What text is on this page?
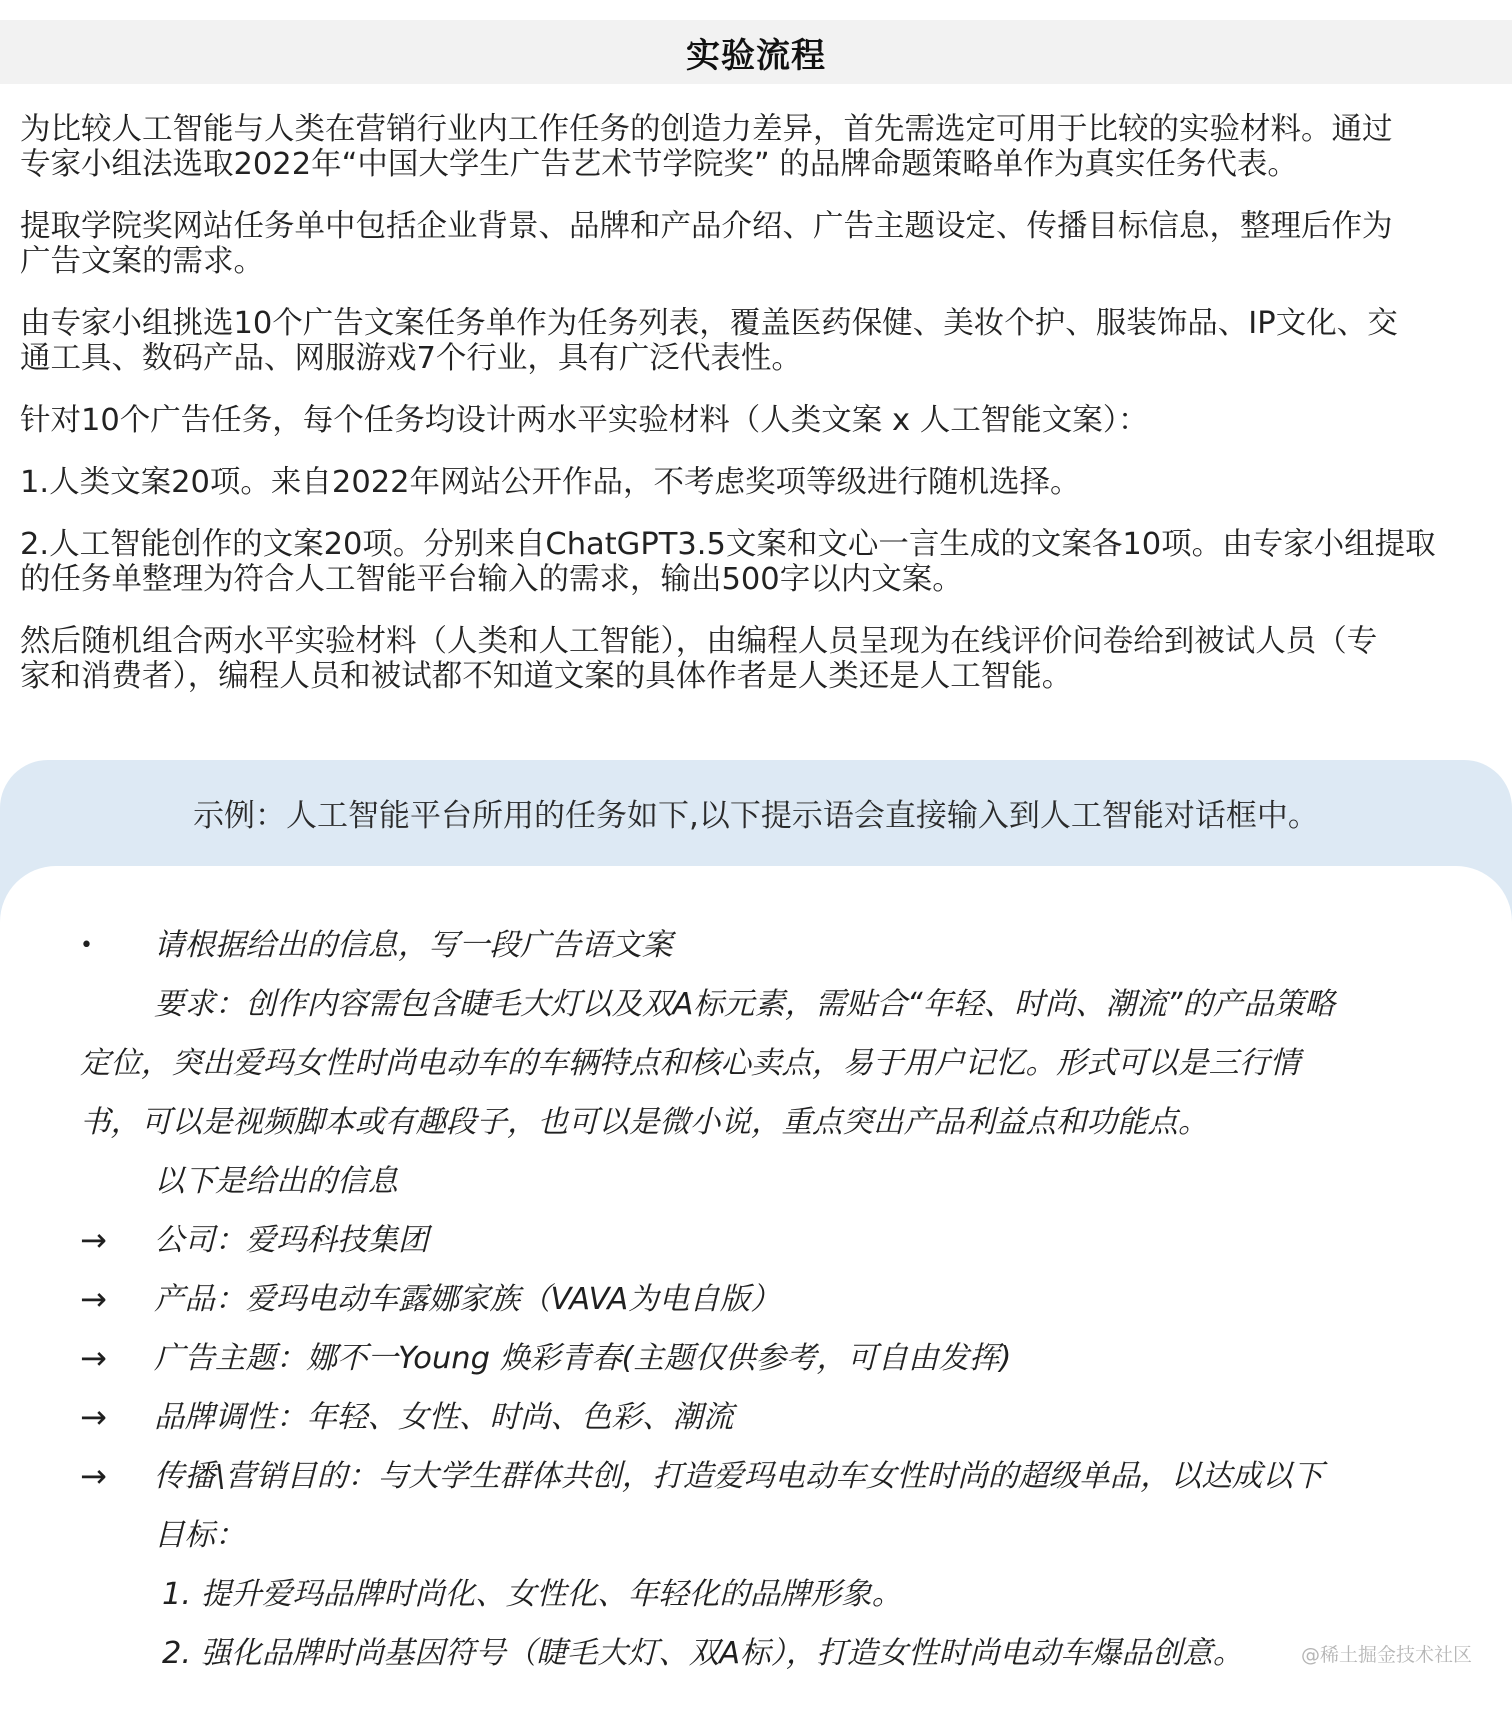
实验流程

为比较人工智能与人类在营销行业内工作任务的创造力差异，首先需选定可用于比较的实验材料。通过
专家小组法选取2022年“中国大学生广告艺术节学院奖” 的品牌命题策略单作为真实任务代表。

提取学院奖网站任务单中包括企业背景、品牌和产品介绍、广告主题设定、传播目标信息，整理后作为
广告文案的需求。

由专家小组挑选10个广告文案任务单作为任务列表，覆盖医药保健、美妆个护、服装饰品、IP文化、交
通工具、数码产品、网服游戏7个行业，具有广泛代表性。

针对10个广告任务，每个任务均设计两水平实验材料（人类文案 x 人工智能文案）：

1.人类文案20项。来自2022年网站公开作品，不考虑奖项等级进行随机选择。

2.人工智能创作的文案20项。分别来自ChatGPT3.5文案和文心一言生成的文案各10项。由专家小组提取
的任务单整理为符合人工智能平台输入的需求，输出500字以内文案。

然后随机组合两水平实验材料（人类和人工智能），由编程人员呈现为在线评价问卷给到被试人员（专
家和消费者），编程人员和被试都不知道文案的具体作者是人类还是人工智能。

示例：人工智能平台所用的任务如下,以下提示语会直接输入到人工智能对话框中。
•	请根据给出的信息，写一段广告语文案
要求：创作内容需包含睫毛大灯以及双A标元素，需贴合“年轻、时尚、潮流”的产品策略
定位，突出爱玛女性时尚电动车的车辆特点和核心卖点，易于用户记忆。形式可以是三行情
书，可以是视频脚本或有趣段子，也可以是微小说，重点突出产品利益点和功能点。
以下是给出的信息
→	公司：爱玛科技集团
→	产品：爱玛电动车露娜家族（VAVA为电自版）
→	广告主题：娜不一Young 焕彩青春(主题仅供参考，可自由发挥)
→	品牌调性：年轻、女性、时尚、色彩、潮流
→	传播\营销目的：与大学生群体共创，打造爱玛电动车女性时尚的超级单品，以达成以下
目标：
1. 提升爱玛品牌时尚化、女性化、年轻化的品牌形象。
2. 强化品牌时尚基因符号（睫毛大灯、双A标），打造女性时尚电动车爆品创意。	@稀土掘金技术社区
